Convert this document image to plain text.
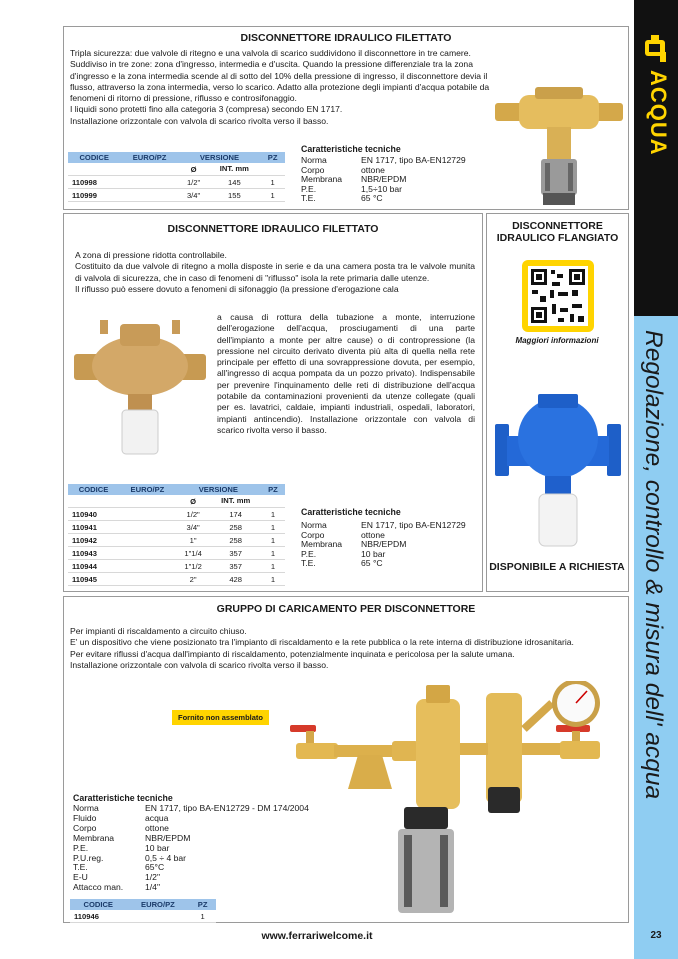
ACQUA
Regolazione, controllo & misura dell' acqua
DISCONNETTORE IDRAULICO FILETTATO

Tripla sicurezza: due valvole di ritegno e una valvola di scarico suddividono il disconnettore in tre camere.

Suddiviso in tre zone: zona d'ingresso, intermedia e d'uscita. Quando la pressione differenziale tra la zona d'ingresso e la zona intermedia scende al di sotto del 10% della pressione di ingresso, il disconnettore devia il flusso, attraverso la zona intermedia, verso lo scarico. Adatto alla protezione degli impianti d'acqua potabile da fenomeni di ritorno di pressione, riflusso e controsifonaggio.

I liquidi sono protetti fino alla categoria 3 (compresa) secondo EN 1717.

Installazione orizzontale con valvola di scarico rivolta verso il basso.

CODICE	EURO/PZ	VERSIONE		PZ
		Ø	INT. mm	
110998		1/2"	145	1
110999		3/4"	155	1
Caratteristiche tecniche
Norma	EN 1717, tipo BA-EN12729
Corpo	ottone
Membrana	NBR/EPDM
P.E.	1,5÷10 bar
T.E.	65 °C
DISCONNETTORE IDRAULICO FILETTATO

A zona di pressione ridotta controllabile.

Costituito da due valvole di ritegno a molla disposte in serie e da una camera posta tra le valvole munita di valvola di sicurezza, che in caso di fenomeni di "riflusso" isola la rete primaria dalle utenze.

Il riflusso può essere dovuto a fenomeni di sifonaggio (la pressione d'erogazione cala

a causa di rottura della tubazione a monte, interruzione dell'erogazione dell'acqua, prosciugamenti di una parte dell'impianto a monte per altre cause) o di contropressione (la pressione nel circuito derivato diventa più alta di quella nella rete principale per effetto di una sovrappressione dovuta, per esempio, all'ingresso di acqua pompata da un pozzo privato). Indispensabile per prevenire l'inquinamento delle reti di distribuzione dell'acqua potabile da contaminazioni provenienti da utenze collegate (quali per es. lavatrici, caldaie, impianti industriali, ospedali, laboratori, impianti antincendio). Installazione orizzontale con valvola di scarico rivolta verso il basso.
CODICE	EURO/PZ	VERSIONE		PZ
		Ø	INT. mm	
110940		1/2"	174	1
110941		3/4"	258	1
110942		1"	258	1
110943		1"1/4	357	1
110944		1"1/2	357	1
110945		2"	428	1
Caratteristiche tecniche
Norma	EN 1717, tipo BA-EN12729
Corpo	ottone
Membrana	NBR/EPDM
P.E.	10 bar
T.E.	65 °C
DISCONNETTORE IDRAULICO FLANGIATO
Maggiori informazioni
DISPONIBILE A RICHIESTA
GRUPPO DI CARICAMENTO PER DISCONNETTORE

Per impianti di riscaldamento a circuito chiuso.

E' un dispositivo che viene posizionato tra l'impianto di riscaldamento e la rete pubblica o la rete interna di distribuzione idrosanitaria.

Per evitare riflussi d'acqua dall'impianto di riscaldamento, potenzialmente inquinata e pericolosa per la salute umana.

Installazione orizzontale con valvola di scarico rivolta verso il basso.

Fornito non assemblato
Caratteristiche tecniche
Norma	EN 1717, tipo BA-EN12729 - DM 174/2004
Fluido	acqua
Corpo	ottone
Membrana	NBR/EPDM
P.E.	10 bar
P.U.reg.	0,5 ÷ 4 bar
T.E.	65°C
E-U	1/2"
Attacco man.	1/4"
CODICE	EURO/PZ	PZ
110946		1
www.ferrariwelcome.it	23
